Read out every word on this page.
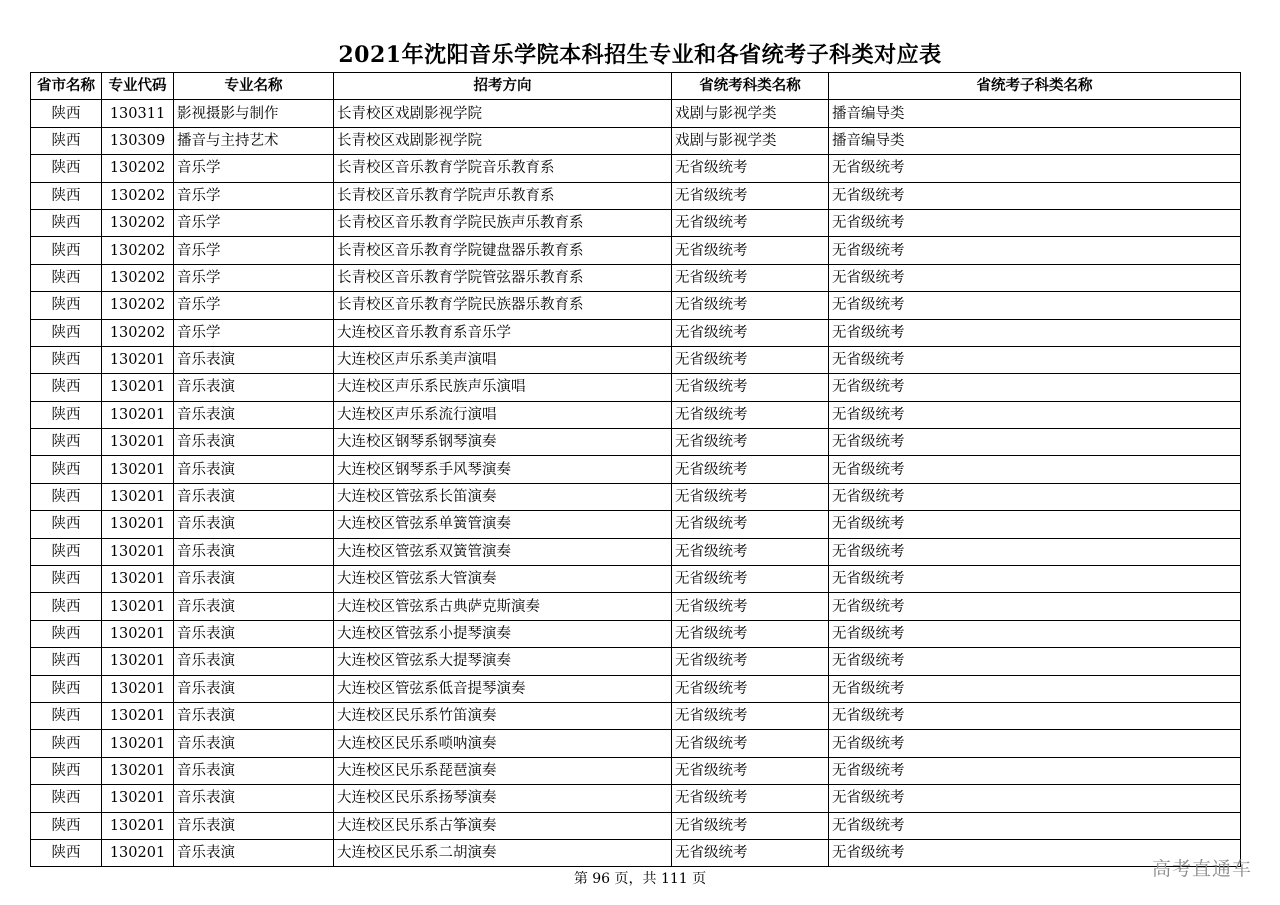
2021年沈阳音乐学院本科招生专业和各省统考子科类对应表
省市名称	专业代码	专业名称	招考方向	省统考科类名称	省统考子科类名称
陕西	130311	影视摄影与制作	长青校区戏剧影视学院	戏剧与影视学类	播音编导类
陕西	130309	播音与主持艺术	长青校区戏剧影视学院	戏剧与影视学类	播音编导类
陕西	130202	音乐学	长青校区音乐教育学院音乐教育系	无省级统考	无省级统考
陕西	130202	音乐学	长青校区音乐教育学院声乐教育系	无省级统考	无省级统考
陕西	130202	音乐学	长青校区音乐教育学院民族声乐教育系	无省级统考	无省级统考
陕西	130202	音乐学	长青校区音乐教育学院键盘器乐教育系	无省级统考	无省级统考
陕西	130202	音乐学	长青校区音乐教育学院管弦器乐教育系	无省级统考	无省级统考
陕西	130202	音乐学	长青校区音乐教育学院民族器乐教育系	无省级统考	无省级统考
陕西	130202	音乐学	大连校区音乐教育系音乐学	无省级统考	无省级统考
陕西	130201	音乐表演	大连校区声乐系美声演唱	无省级统考	无省级统考
陕西	130201	音乐表演	大连校区声乐系民族声乐演唱	无省级统考	无省级统考
陕西	130201	音乐表演	大连校区声乐系流行演唱	无省级统考	无省级统考
陕西	130201	音乐表演	大连校区钢琴系钢琴演奏	无省级统考	无省级统考
陕西	130201	音乐表演	大连校区钢琴系手风琴演奏	无省级统考	无省级统考
陕西	130201	音乐表演	大连校区管弦系长笛演奏	无省级统考	无省级统考
陕西	130201	音乐表演	大连校区管弦系单簧管演奏	无省级统考	无省级统考
陕西	130201	音乐表演	大连校区管弦系双簧管演奏	无省级统考	无省级统考
陕西	130201	音乐表演	大连校区管弦系大管演奏	无省级统考	无省级统考
陕西	130201	音乐表演	大连校区管弦系古典萨克斯演奏	无省级统考	无省级统考
陕西	130201	音乐表演	大连校区管弦系小提琴演奏	无省级统考	无省级统考
陕西	130201	音乐表演	大连校区管弦系大提琴演奏	无省级统考	无省级统考
陕西	130201	音乐表演	大连校区管弦系低音提琴演奏	无省级统考	无省级统考
陕西	130201	音乐表演	大连校区民乐系竹笛演奏	无省级统考	无省级统考
陕西	130201	音乐表演	大连校区民乐系唢呐演奏	无省级统考	无省级统考
陕西	130201	音乐表演	大连校区民乐系琵琶演奏	无省级统考	无省级统考
陕西	130201	音乐表演	大连校区民乐系扬琴演奏	无省级统考	无省级统考
陕西	130201	音乐表演	大连校区民乐系古筝演奏	无省级统考	无省级统考
陕西	130201	音乐表演	大连校区民乐系二胡演奏	无省级统考	无省级统考
第 96 页，共 111 页	高考直通车
